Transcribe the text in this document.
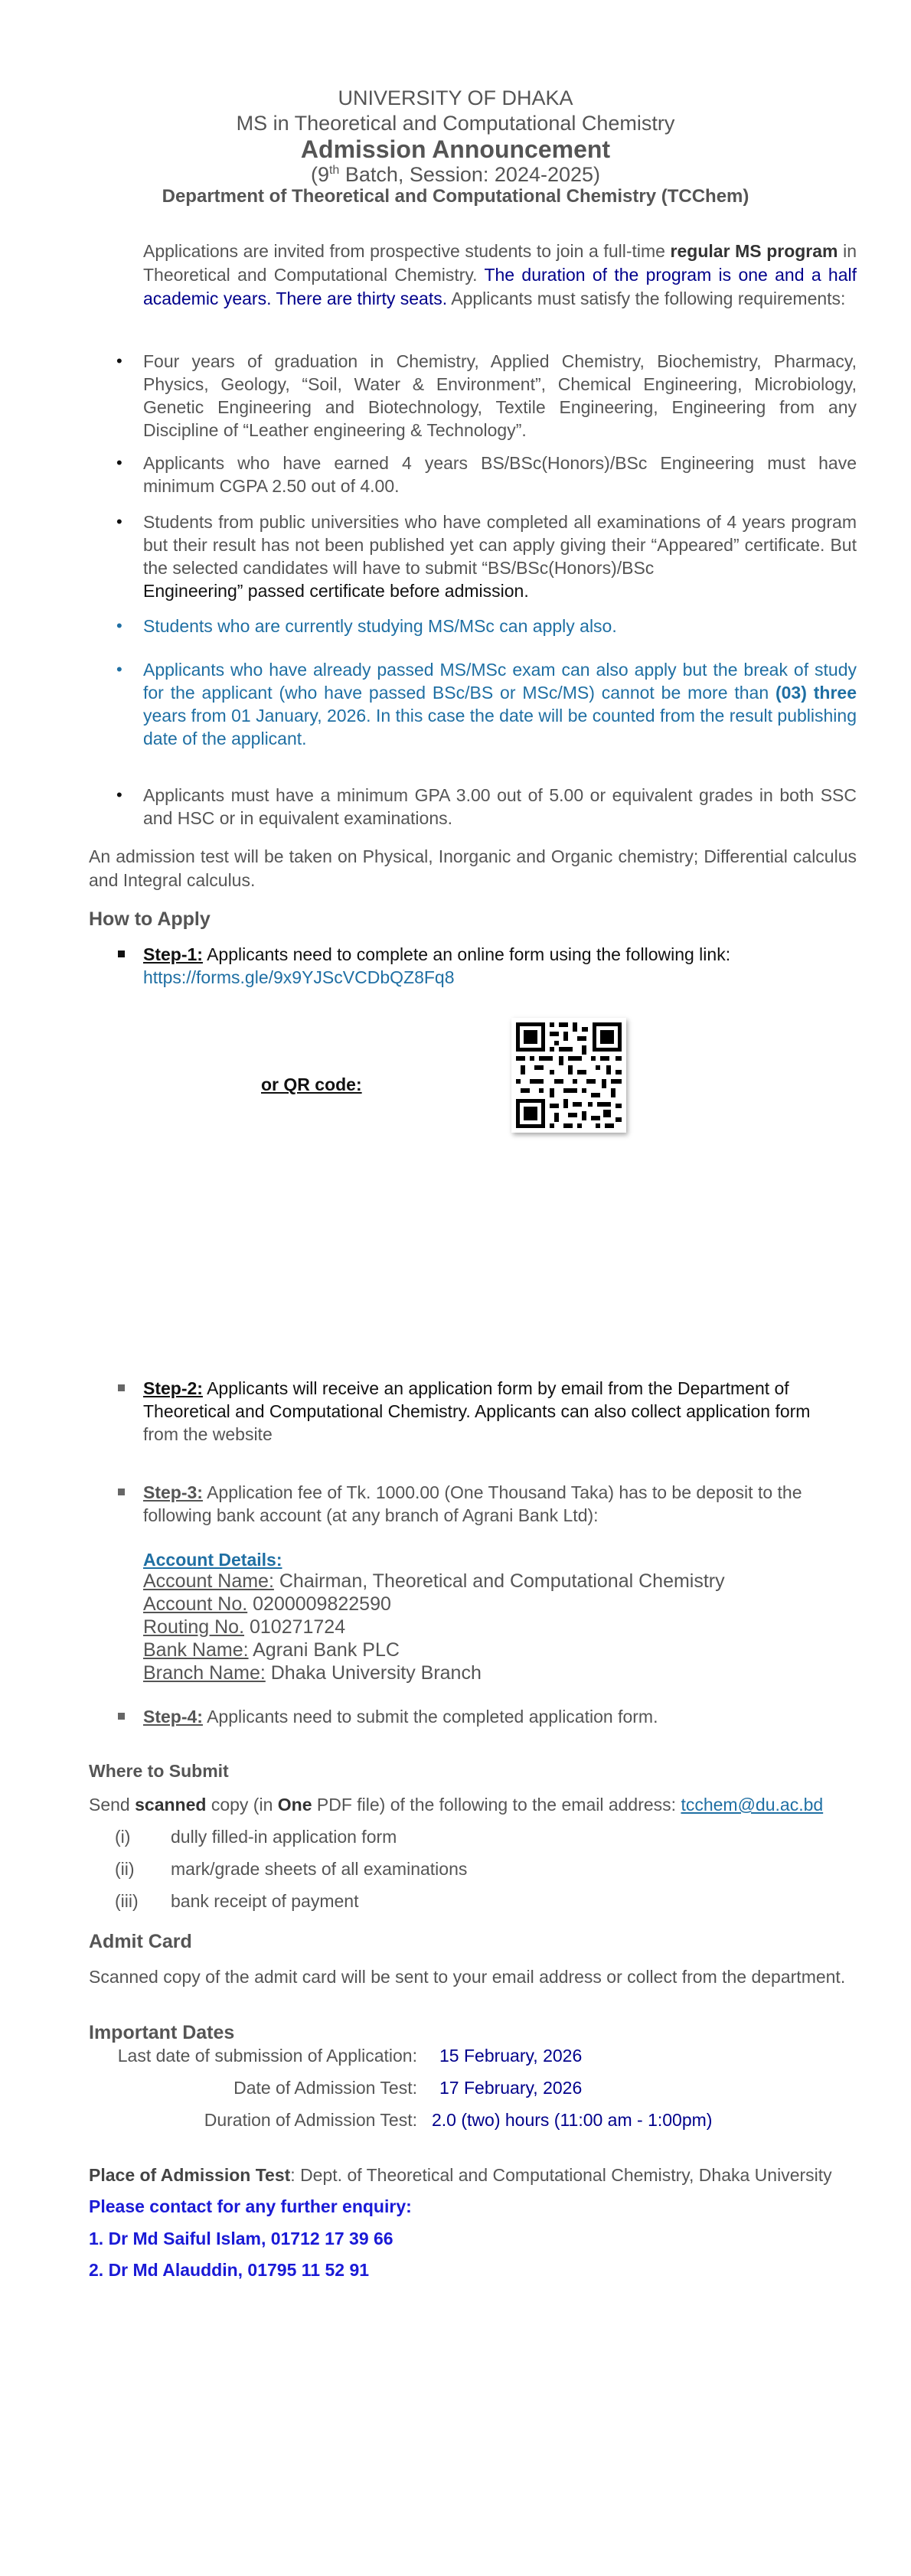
UNIVERSITY OF DHAKA
MS in Theoretical and Computational Chemistry
Admission Announcement
(9th Batch, Session: 2024-2025)
Department of Theoretical and Computational Chemistry (TCChem)

Applications are invited from prospective students to join a full-time regular MS program in Theoretical and Computational Chemistry. The duration of the program is one and a half academic years. There are thirty seats. Applicants must satisfy the following requirements:

• Four years of graduation in Chemistry, Applied Chemistry, Biochemistry, Pharmacy, Physics, Geology, “Soil, Water & Environment”, Chemical Engineering, Microbiology, Genetic Engineering and Biotechnology, Textile Engineering, Engineering from any Discipline of “Leather engineering & Technology”.
• Applicants who have earned 4 years BS/BSc(Honors)/BSc Engineering must have minimum CGPA 2.50 out of 4.00.
• Students from public universities who have completed all examinations of 4 years program but their result has not been published yet can apply giving their “Appeared” certificate. But the selected candidates will have to submit “BS/BSc(Honors)/BSc
Engineering” passed certificate before admission.
• Students who are currently studying MS/MSc can apply also.
• Applicants who have already passed MS/MSc exam can also apply but the break of study for the applicant (who have passed BSc/BS or MSc/MS) cannot be more than (03) three years from 01 January, 2026. In this case the date will be counted from the result publishing date of the applicant.
• Applicants must have a minimum GPA 3.00 out of 5.00 or equivalent grades in both SSC and HSC or in equivalent examinations.

An admission test will be taken on Physical, Inorganic and Organic chemistry; Differential calculus and Integral calculus.

How to Apply
Step-1: Applicants need to complete an online form using the following link:
https://forms.gle/9x9YJScVCDbQZ8Fq8
or QR code:
Step-2: Applicants will receive an application form by email from the Department of Theoretical and Computational Chemistry. Applicants can also collect application form
from the website
Step-3: Application fee of Tk. 1000.00 (One Thousand Taka) has to be deposit to the following bank account (at any branch of Agrani Bank Ltd):
Account Details:
Account Name: Chairman, Theoretical and Computational Chemistry
Account No. 0200009822590
Routing No. 010271724
Bank Name: Agrani Bank PLC
Branch Name: Dhaka University Branch
Step-4: Applicants need to submit the completed application form.
Where to Submit
Send scanned copy (in One PDF file) of the following to the email address: tcchem@du.ac.bd
(i) dully filled-in application form
(ii) mark/grade sheets of all examinations
(iii) bank receipt of payment
Admit Card
Scanned copy of the admit card will be sent to your email address or collect from the department.
Important Dates
Last date of submission of Application: 15 February, 2026
Date of Admission Test: 17 February, 2026
Duration of Admission Test: 2.0 (two) hours (11:00 am - 1:00pm)
Place of Admission Test: Dept. of Theoretical and Computational Chemistry, Dhaka University
Please contact for any further enquiry:
1. Dr Md Saiful Islam, 01712 17 39 66
2. Dr Md Alauddin, 01795 11 52 91
